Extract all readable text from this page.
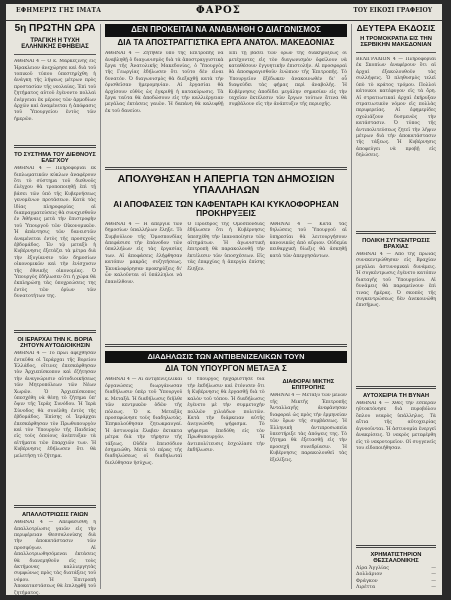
ΕΦΗΜΕΡΙΣ ΓΗΣ ΙΜΑΤΑ	ΦΑΡΟΣ	ΤΟΥ ΕΙΚΟΣΙ ΓΡΑΦΕΙΟΥ
5η ΠΡΩΤΗΝ ΩΡΑ
ΤΡΑΓΙΚΗ Η ΤΥΧΗ ΕΛΛΗΝΙΚΗΣ ΕΦΗΒΕΙΑΣ

ΑΘΗΝΑΙ 4 — Ὁ κ. Μαρκεζίνης εἰς Ἡρακλειον ἀνεχώρησε καὶ διὰ τοῦ τοπικοῦ τύπου ὑπεστηρίχθη ἡ ἀνάγκη τῆς λήψεως μέτρων πρὸς προστασίαν τῆς νεολαίας. Ἐπὶ τοῦ ζητήματος αὐτοῦ ἐγένοντο πολλαὶ ἐνέργειαι ἐκ μέρους τῶν ἁρμοδίων ἀρχῶν καὶ ἀναμένεται ἡ ἀπόφασις τοῦ Ὑπουργείου ἐντὸς τῶν ἡμερῶν.

ΤΟ ΣΥΣΤΗΜΑ ΤΟΥ ΔΙΕΘΝΟΥΣ ΕΛΕΓΧΟΥ

ΑΘΗΝΑΙ 4 — Πληροφορίαι ἐκ διπλωματικῶν κύκλων ἀναφέρουν ὅτι τὸ σύστημα τοῦ διεθνοῦς ἐλέγχου θὰ τροποποιηθῇ ἐπὶ τῇ βάσει τῶν ὑπὸ τῆς Κυβερνήσεως γενομένων προτάσεων. Κατὰ τὰς ἰδίας πληροφορίας αἱ διαπραγματεύσεις θὰ συνεχισθοῦν ἐν Ἀθήναις μετὰ τὴν ἐπιστροφὴν τοῦ Ὑπουργοῦ τῶν Οἰκονομικῶν. Ἡ ἀπάντησις τῶν δανειστῶν ἀναμένεται ἐντὸς τῆς προσεχοῦς ἑβδομάδος. Ἐν τῷ μεταξὺ ἡ Κυβέρνησις ἐξετάζει τὰ μέτρα διὰ τὴν ἐξυγίανσιν τῶν δημοσίων οἰκονομικῶν καὶ τὴν ἐνίσχυσιν τῆς ἐθνικῆς οἰκονομίας. Ὁ Ὑπουργὸς ἐδήλωσεν ὅτι ἡ χώρα θὰ ἐκπληρώσῃ τὰς ὑποχρεώσεις της ἐντὸς τῶν ὁρίων τῶν δυνατοτήτων της.

ΟΙ ΙΕΡΑΡΧΑΙ ΤΗΝ Κ. ΒΟΡΙΑ ΖΗΤΟΥΝ ΑΥΤΟΔΙΟΙΚΗΣΙΝ

ΑΘΗΝΑΙ 4 — Τὸ πρωὶ ἀφίχθησαν ἐνταῦθα οἱ Ἱεράρχαι τῆς Βορείου Ἑλλάδος, οἵτινες ἐπεσκέφθησαν τὸν Ἀρχιεπίσκοπον καὶ ἐζήτησαν τὴν ἀναγνώρισιν αὐτοδιοικήσεως τῶν Μητροπόλεων τῶν Νέων Χωρῶν. Ὁ Ἀρχιεπίσκοπος ὑπεσχέθη νὰ θέσῃ τὸ ζήτημα ὑπ' ὄψιν τῆς Ἱερᾶς Συνόδου. Ἡ Ἱερὰ Σύνοδος θὰ συνέλθῃ ἐντὸς τῆς ἑβδομάδος. Ἐπίσης οἱ Ἱεράρχαι ἐπεσκέφθησαν τὸν Πρωθυπουργὸν καὶ τὸν Ὑπουργὸν τῆς Παιδείας εἰς τοὺς ὁποίους ἀνέπτυξαν τὰ αἰτήματα τῶν ἐπαρχιῶν των. Ἡ Κυβέρνησις ἐδήλωσεν ὅτι θὰ μελετήσῃ τὸ ζήτημα.

ΑΠΑΛΛΟΤΡΙΩΣΙΣ ΓΑΙΩΝ

ΑΘΗΝΑΙ 4 — Ἀπεφασίσθη ἡ ἀπαλλοτρίωσις γαιῶν εἰς τὴν περιφέρειαν Θεσσαλονίκης διὰ τὴν ἀποκατάστασιν τῶν προσφύγων. Αἱ ἀπαλλοτριωθησόμεναι ἐκτάσεις θὰ διανεμηθοῦν εἰς τοὺς ἀκτήμονας καλλιεργητὰς συμφώνως πρὸς τὰς διατάξεις τοῦ νόμου. Ἡ Ἐπιτροπὴ Ἀποκαταστάσεως θὰ ἐπιληφθῇ τοῦ ζητήματος.

ΔΕΝ ΠΡΟΚΕΙΤΑΙ ΝΑ ΑΝΑΒΛΗΘΗ Ο ΔΙΑΓΩΝΙΣΜΟΣ
ΔΙΑ ΤΑ ΑΠΟΣΤΡΑΓΓΙΣΤΙΚΑ ΕΡΓΑ ΑΝΑΤΟΛ. ΜΑΚΕΔΟΝΙΑΣ

ΑΘΗΝΑΙ 4 — Ζητηθὲν ὑπὸ τῆς Ἐπιτροπῆς νὰ ἀναβληθῇ ὁ διαγωνισμὸς διὰ τὰ ἀποστραγγιστικὰ ἔργα τῆς Ἀνατολικῆς Μακεδονίας, ὁ Ὑπουργὸς τῆς Γεωργίας ἐδήλωσεν ὅτι τοῦτο δὲν εἶναι δυνατόν. Ὁ διαγωνισμὸς θὰ διεξαχθῇ κατὰ τὴν ὁρισθεῖσαν ἡμερομηνίαν. Αἱ ἐργασίαι θὰ ἀρχίσουν εὐθὺς ὡς ἐγκριθῇ ἡ κατακύρωσις. Τὰ ἔργα ταῦτα θὰ ἀποδώσουν εἰς τὴν καλλιέργειαν μεγάλας ἐκτάσεις γαιῶν. Ἡ δαπάνη θὰ καλυφθῇ ἐκ τοῦ δανείου.

Ἐπὶ τῇ βάσει τῶν ὅρων τῆς διακηρύξεως οἱ μετέχοντες εἰς τὸν διαγωνισμὸν ὀφείλουν νὰ καταθέσουν ἐγγυητικὴν ἐπιστολήν. Αἱ προσφοραὶ θὰ ἀποσφραγισθοῦν ἐνώπιον τῆς Ἐπιτροπῆς. Τὸ Ὑπουργεῖον ἐξέδωκεν ἀνακοινωθὲν δι' οὗ διαψεύδει τὰς φήμας περὶ ἀναβολῆς. Ἡ Κυβέρνησις ἀποδίδει μεγάλην σημασίαν εἰς τὴν ταχεῖαν ἐκτέλεσιν τῶν ἔργων τούτων ἅτινα θὰ συμβάλουν εἰς τὴν ἀνάπτυξιν τῆς περιοχῆς.

ΑΠΟΛΥΘΗΣΑΝ Η ΑΠΕΡΓΙΑ ΤΩΝ ΔΗΜΟΣΙΩΝ ΥΠΑΛΛΗΛΩΝ
ΑΙ ΑΠΟΦΑΣΕΙΣ ΤΩΝ ΚΑΦΕΝΤΑΡΗ ΚΑΙ ΚΥΚΛΟΦΟΡΗΣΑΝ ΠΡΟΚΗΡΥΞΕΙΣ

ΑΘΗΝΑΙ 4 — Ἡ ἀπεργία τῶν δημοσίων ὑπαλλήλων ἔληξε. Τὸ Συμβούλιον τῆς Ὁμοσπονδίας ἀπεφάσισε τὴν ἐπάνοδον τῶν ὑπαλλήλων εἰς τὰς ἐργασίας των. Αἱ ἀποφάσεις ἐλήφθησαν κατόπιν μακρᾶς συζητήσεως. Ἐκυκλοφόρησαν προκηρύξεις δι' ὧν καλοῦνται οἱ ὑπάλληλοι νὰ ἐπανέλθουν.

Ὁ Πρόεδρος τῆς Ὁμοσπονδίας ἐδήλωσεν ὅτι ἡ Κυβέρνησις ὑπεσχέθη τὴν ἱκανοποίησιν τῶν αἰτημάτων. Ἡ ἀγωνιστικὴ ἐπιτροπὴ θὰ παρακολουθῇ τὴν ἐκτέλεσιν τῶν ὑποσχέσεων. Εἰς τὰς ἐπαρχίας ἡ ἀπεργία ἐπίσης ἔληξεν.

ΑΘΗΝΑΙ 4 — Κατὰ τὰς δηλώσεις τοῦ Ὑπουργοῦ αἱ ὑπηρεσίαι θὰ λειτουργήσουν κανονικῶς ἀπὸ αὔριον. Οὐδεμία πειθαρχικὴ δίωξις θὰ ἀσκηθῇ κατὰ τῶν ἀπεργησάντων.

ΔΙΑΔΗΛΩΣΙΣ ΤΩΝ ΑΝΤΙΒΕΝΙΖΕΛΙΚΩΝ ΤΟΥΝ
ΔΙΑ ΤΟΝ ΥΠΟΥΡΓΟΝ ΜΕΤΑΞΑ Σ

ΑΘΗΝΑΙ 4 — Αἱ ἀντιβενιζελικαὶ ὀργανώσεις διωργάνωσαν διαδήλωσιν ὑπὲρ τοῦ Ὑπουργοῦ κ. Μεταξᾶ. Ἡ διαδήλωσις διῆλθε τῶν κεντρικῶν ὁδῶν τῆς πόλεως. Ὁ κ. Μεταξᾶς προσεφώνησε τοὺς διαδηλωτάς. Ἐπηκολούθησαν ζητωκραυγαί. Ἡ ἀστυνομία ἔλαβεν ἐκτακτα μέτρα διὰ τὴν τήρησιν τῆς τάξεως. Οὐδὲν ἐπεισόδιον ἐσημειώθη. Μετὰ τὸ πέρας τῆς διαδηλώσεως οἱ διαδηλωταὶ διελύθησαν ἡσύχως.

Ὁ Ὑπουργὸς ηὐχαρίστησε διὰ τὴν ἐκδήλωσιν καὶ ἐτόνισεν ὅτι ἡ Κυβέρνησις θὰ ἐργασθῇ διὰ τὸ καλὸν τοῦ τόπου. Ἡ διαδήλωσις ἐγένετο μὲ τὴν συμμετοχὴν πολλῶν χιλιάδων πολιτῶν. Κατὰ τὴν διάρκειαν αὐτῆς ἀνεγνώσθη ψήφισμα. Τὸ ψήφισμα ἐπεδόθη εἰς τὸν Πρωθυπουργόν. Ἡ ἀντιπολίτευσις ἐσχολίασε τὴν ἐκδήλωσιν.

ΔΙΑΦΟΡΑΙ ΜΙΚΤΗΣ ΕΠΙΤΡΟΠΗΣ

ΑΘΗΝΑΙ 4 — Μεταξὺ τῶν μελῶν τῆς Μικτῆς Ἐπιτροπῆς Ἀνταλλαγῆς ἀνεφάνησαν διαφοραὶ ὡς πρὸς τὴν ἑρμηνείαν τῶν ὅρων τῆς συμβάσεως. Ἡ Ἑλληνικὴ ἀντιπροσωπεία ὑπεστήριξε τὰς ἀπόψεις της. Τὸ ζήτημα θὰ ἐξετασθῇ εἰς τὴν προσεχῆ συνεδρίασιν. Ἡ Κυβέρνησις παρακολουθεῖ τὰς ἐξελίξεις.

ΔΕΥΤΕΡΑ ΕΚΔΟΣΙΣ
Η ΤΡΟΜΟΚΡΑΤΙΑ ΕΙΣ ΤΗΝ ΣΕΡΒΙΚΗΝ ΜΑΚΕΔΟΝΙΑΝ

ΒΕΛΙΓΡΑΔΙΟΝ 4 — Πληροφορίαι ἐκ Σκοπίων ἀναφέρουν ὅτι αἱ ἀρχαὶ ἐξακολουθοῦν τὰς συλλήψεις. Ὁ πληθυσμὸς τελεῖ ὑπὸ τὸ κράτος τρόμου. Πολλοὶ κάτοικοι κατέφυγον εἰς τὰ ὄρη. Αἱ στρατιωτικαὶ ἀρχαὶ ἐκήρυξαν στρατιωτικὸν νόμον εἰς πολλὰς περιφερείας. Αἱ ἐφημερίδες σχολιάζουν δυσμενῶς τὴν κατάστασιν. Ὁ τύπος τῆς ἀντιπολιτεύσεως ζητεῖ τὴν λῆψιν μέτρων διὰ τὴν ἀποκατάστασιν τῆς τάξεως. Ἡ Κυβέρνησις ἀποφεύγει νὰ προβῇ εἰς δηλώσεις.

ΠΟΛΙΚΗ ΣΥΓΚΕΝΤΡΩΣΙΣ ΒΡΑΧΙΑΣ

ΑΘΗΝΑΙ 4 — Ἀπὸ τῆς πρωίας συνεκεντρώθησαν εἰς Βραχίαν μεγάλαι ἀστυνομικαὶ δυνάμεις. Ἡ συγκέντρωσις ἐγένετο κατόπιν διαταγῆς τοῦ Ὑπουργείου. Αἱ δυνάμεις θὰ παραμείνουν ἐπὶ τινας ἡμέρας. Ὁ σκοπὸς τῆς συγκεντρώσεως δὲν ἀνεκοινώθη ἐπισήμως.

ΑΥΤΟΧΕΙΡΙΑ ΤΗ ΒΥΝΑΗ

ΑΘΗΝΑΙ 4 — Χθὲς τὴν ἑσπέραν ηὐτοκτόνησε διὰ πυροβόλου ὅπλου νεαρὸς ὑπάλληλος. Τὰ αἴτια τῆς αὐτοχειρίας ἀγνοοῦνται. Ἡ ἀστυνομία ἐνεργεῖ ἀνακρίσεις. Ὁ νεκρὸς μετεφέρθη εἰς τὸ νεκροτομεῖον. Οἱ συγγενεῖς του εἰδοποιήθησαν.

ΧΡΗΜΑΤΙΣΤΗΡΙΟΝ ΘΕΣΣΑΛΟΝΙΚΗΣ
Λίρα Ἀγγλίας	—
Δολλάριον	—
Φράγκον	—
Λιρέττα	—
